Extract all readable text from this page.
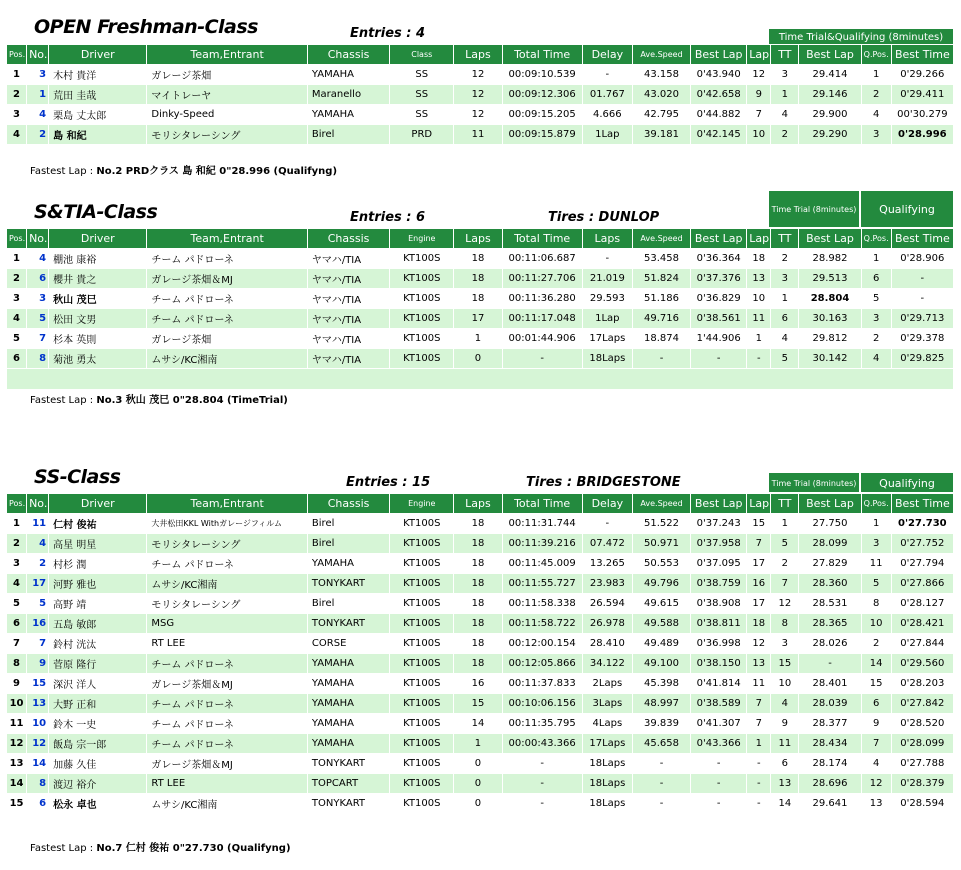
OPEN Freshman-Class	Entries : 4	Time Trial&Qualifying (8minutes)
Pos.	No.	Driver	Team,Entrant	Chassis	Class	Laps	Total Time	Delay	Ave.Speed	Best Lap	Lap	TT	Best Lap	Q.Pos.	Best Time
1	3	木村 貴洋	ガレージ茶畑	YAMAHA	SS	12	00:09:10.539	-	43.158	0'43.940	12	3	29.414	1	0'29.266
2	1	荒田 圭哉	マイトレーヤ	Maranello	SS	12	00:09:12.306	01.767	43.020	0'42.658	9	1	29.146	2	0'29.411
3	4	栗島 丈太郎	Dinky-Speed	YAMAHA	SS	12	00:09:15.205	4.666	42.795	0'44.882	7	4	29.900	4	00'30.279
4	2	島 和紀	モリシタレーシング	Birel	PRD	11	00:09:15.879	1Lap	39.181	0'42.145	10	2	29.290	3	0'28.996
Fastest Lap : No.2 PRDクラス 島 和紀 0"28.996 (Qualifyng)
S&TIA-Class	Entries : 6	Tires : DUNLOP
Time Trial (8minutes)	Qualifying
Pos.	No.	Driver	Team,Entrant	Chassis	Engine	Laps	Total Time	Laps	Ave.Speed	Best Lap	Lap	TT	Best Lap	Q.Pos.	Best Time
1	4	棚池 康裕	チーム パドローネ	ヤマハ/TIA	KT100S	18	00:11:06.687	-	53.458	0'36.364	18	2	28.982	1	0'28.906
2	6	櫻井 貴之	ガレージ茶畑＆MJ	ヤマハ/TIA	KT100S	18	00:11:27.706	21.019	51.824	0'37.376	13	3	29.513	6	-
3	3	秋山 茂巳	チーム パドローネ	ヤマハ/TIA	KT100S	18	00:11:36.280	29.593	51.186	0'36.829	10	1	28.804	5	-
4	5	松田 文男	チーム パドローネ	ヤマハ/TIA	KT100S	17	00:11:17.048	1Lap	49.716	0'38.561	11	6	30.163	3	0'29.713
5	7	杉本 英則	ガレージ茶畑	ヤマハ/TIA	KT100S	1	00:01:44.906	17Laps	18.874	1'44.906	1	4	29.812	2	0'29.378
6	8	菊池 勇太	ムサシ/KC湘南	ヤマハ/TIA	KT100S	0	-	18Laps	-	-	-	5	30.142	4	0'29.825

Fastest Lap : No.3 秋山 茂巳 0"28.804 (TimeTrial)
SS-Class	Entries : 15	Tires : BRIDGESTONE	Time Trial (8minutes)	Qualifying
Pos.	No.	Driver	Team,Entrant	Chassis	Engine	Laps	Total Time	Delay	Ave.Speed	Best Lap	Lap	TT	Best Lap	Q.Pos.	Best Time
1	11	仁村 俊祐	大井松田KKL Withガレージフィルム	Birel	KT100S	18	00:11:31.744	-	51.522	0'37.243	15	1	27.750	1	0'27.730
2	4	高星 明星	モリシタレーシング	Birel	KT100S	18	00:11:39.216	07.472	50.971	0'37.958	7	5	28.099	3	0'27.752
3	2	村杉 潤	チーム パドローネ	YAMAHA	KT100S	18	00:11:45.009	13.265	50.553	0'37.095	17	2	27.829	11	0'27.794
4	17	河野 雅也	ムサシ/KC湘南	TONYKART	KT100S	18	00:11:55.727	23.983	49.796	0'38.759	16	7	28.360	5	0'27.866
5	5	高野 靖	モリシタレーシング	Birel	KT100S	18	00:11:58.338	26.594	49.615	0'38.908	17	12	28.531	8	0'28.127
6	16	五島 敏郎	MSG	TONYKART	KT100S	18	00:11:58.722	26.978	49.588	0'38.811	18	8	28.365	10	0'28.421
7	7	鈴村 洸汰	RT LEE	CORSE	KT100S	18	00:12:00.154	28.410	49.489	0'36.998	12	3	28.026	2	0'27.844
8	9	菅原 隆行	チーム パドローネ	YAMAHA	KT100S	18	00:12:05.866	34.122	49.100	0'38.150	13	15	-	14	0'29.560
9	15	深沢 洋人	ガレージ茶畑＆MJ	YAMAHA	KT100S	16	00:11:37.833	2Laps	45.398	0'41.814	11	10	28.401	15	0'28.203
10	13	大野 正和	チーム パドローネ	YAMAHA	KT100S	15	00:10:06.156	3Laps	48.997	0'38.589	7	4	28.039	6	0'27.842
11	10	鈴木 一史	チーム パドローネ	YAMAHA	KT100S	14	00:11:35.795	4Laps	39.839	0'41.307	7	9	28.377	9	0'28.520
12	12	飯島 宗一郎	チーム パドローネ	YAMAHA	KT100S	1	00:00:43.366	17Laps	45.658	0'43.366	1	11	28.434	7	0'28.099
13	14	加藤 久佳	ガレージ茶畑＆MJ	TONYKART	KT100S	0	-	18Laps	-	-	-	6	28.174	4	0'27.788
14	8	渡辺 裕介	RT LEE	TOPCART	KT100S	0	-	18Laps	-	-	-	13	28.696	12	0'28.379
15	6	松永 卓也	ムサシ/KC湘南	TONYKART	KT100S	0	-	18Laps	-	-	-	14	29.641	13	0'28.594
Fastest Lap : No.7 仁村 俊祐 0"27.730 (Qualifyng)
